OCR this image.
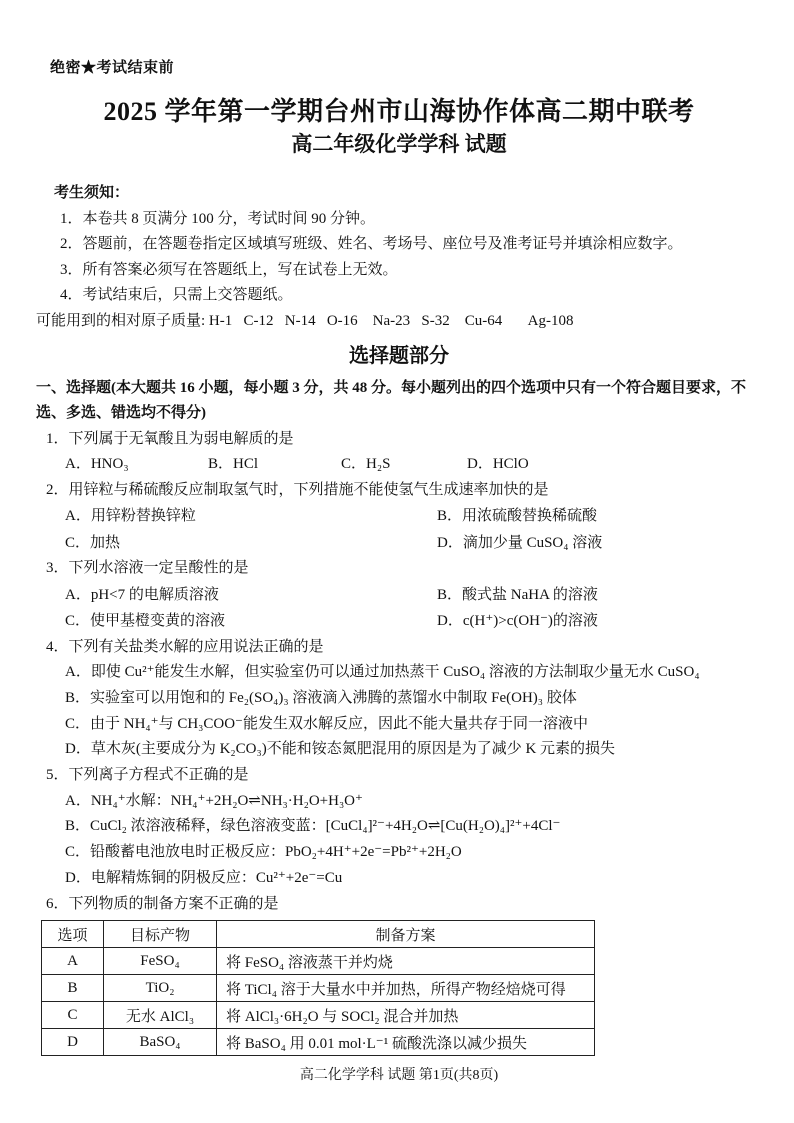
绝密★考试结束前
2025 学年第一学期台州市山海协作体高二期中联考
高二年级化学学科 试题
考生须知：
1．本卷共 8 页满分 100 分，考试时间 90 分钟。
2．答题前，在答题卷指定区域填写班级、姓名、考场号、座位号及准考证号并填涂相应数字。
3．所有答案必须写在答题纸上，写在试卷上无效。
4．考试结束后，只需上交答题纸。
可能用到的相对原子质量: H-1   C-12   N-14   O-16    Na-23   S-32    Cu-64       Ag-108
选择题部分
一、选择题(本大题共 16 小题，每小题 3 分，共 48 分。每小题列出的四个选项中只有一个符合题目要求，不选、多选、错选均不得分)
1．下列属于无氧酸且为弱电解质的是
A．HNO₃	B．HCl	C．H₂S	D．HClO
2．用锌粒与稀硫酸反应制取氢气时，下列措施不能使氢气生成速率加快的是
A．用锌粉替换锌粒	B．用浓硫酸替换稀硫酸
C．加热	D．滴加少量 CuSO₄ 溶液
3．下列水溶液一定呈酸性的是
A．pH<7 的电解质溶液	B．酸式盐 NaHA 的溶液
C．使甲基橙变黄的溶液	D．c(H⁺)>c(OH⁻)的溶液
4．下列有关盐类水解的应用说法正确的是
A．即使 Cu²⁺能发生水解，但实验室仍可以通过加热蒸干 CuSO₄ 溶液的方法制取少量无水 CuSO₄
B．实验室可以用饱和的 Fe₂(SO₄)₃ 溶液滴入沸腾的蒸馏水中制取 Fe(OH)₃ 胶体
C．由于 NH₄⁺与 CH₃COO⁻能发生双水解反应，因此不能大量共存于同一溶液中
D．草木灰(主要成分为 K₂CO₃)不能和铵态氮肥混用的原因是为了减少 K 元素的损失
5．下列离子方程式不正确的是
A．NH₄⁺水解：NH₄⁺+2H₂O⇌NH₃·H₂O+H₃O⁺
B．CuCl₂ 浓溶液稀释，绿色溶液变蓝：[CuCl₄]²⁻+4H₂O⇌[Cu(H₂O)₄]²⁺+4Cl⁻
C．铅酸蓄电池放电时正极反应：PbO₂+4H⁺+2e⁻=Pb²⁺+2H₂O
D．电解精炼铜的阴极反应：Cu²⁺+2e⁻=Cu
6．下列物质的制备方案不正确的是
选项	目标产物	制备方案
A	FeSO₄	将 FeSO₄ 溶液蒸干并灼烧
B	TiO₂	将 TiCl₄ 溶于大量水中并加热，所得产物经焙烧可得
C	无水 AlCl₃	将 AlCl₃·6H₂O 与 SOCl₂ 混合并加热
D	BaSO₄	将 BaSO₄ 用 0.01 mol·L⁻¹ 硫酸洗涤以减少损失
高二化学学科 试题 第1页(共8页)
